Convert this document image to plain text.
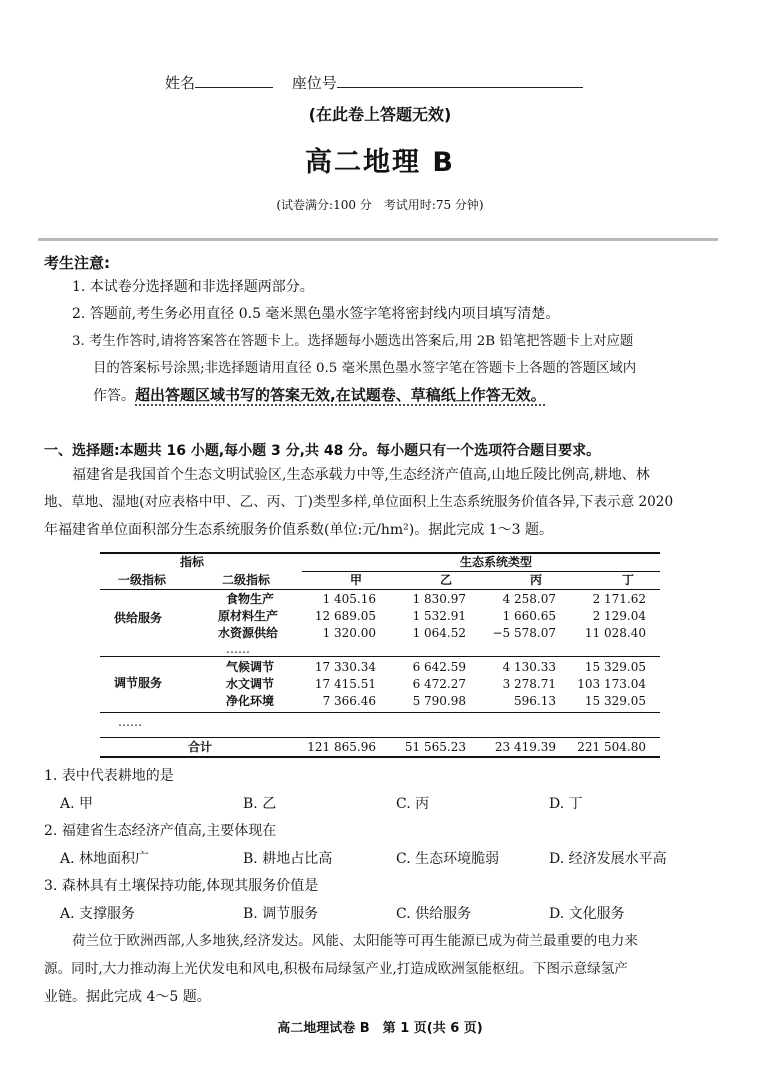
姓名	座位号
(在此卷上答题无效)
高二地理 B
(试卷满分:100 分　考试用时:75 分钟)
考生注意:
1. 本试卷分选择题和非选择题两部分。
2. 答题前,考生务必用直径 0.5 毫米黑色墨水签字笔将密封线内项目填写清楚。
3. 考生作答时,请将答案答在答题卡上。选择题每小题选出答案后,用 2B 铅笔把答题卡上对应题
目的答案标号涂黑;非选择题请用直径 0.5 毫米黑色墨水签字笔在答题卡上各题的答题区域内
作答。超出答题区域书写的答案无效,在试题卷、草稿纸上作答无效。
一、选择题:本题共 16 小题,每小题 3 分,共 48 分。每小题只有一个选项符合题目要求。
福建省是我国首个生态文明试验区,生态承载力中等,生态经济产值高,山地丘陵比例高,耕地、林
地、草地、湿地(对应表格中甲、乙、丙、丁)类型多样,单位面积上生态系统服务价值各异,下表示意 2020
年福建省单位面积部分生态系统服务价值系数(单位:元/hm²)。据此完成 1～3 题。
指标	生态系统类型
一级指标	二级指标	甲	乙	丙	丁
供给服务
食物生产	1 405.16	1 830.97	4 258.07	2 171.62
原材料生产	12 689.05	1 532.91	1 660.65	2 129.04
水资源供给	1 320.00	1 064.52	−5 578.07	11 028.40
……
调节服务
气候调节	17 330.34	6 642.59	4 130.33	15 329.05
水文调节	17 415.51	6 472.27	3 278.71	103 173.04
净化环境	7 366.46	5 790.98	596.13	15 329.05
……
合计	121 865.96	51 565.23	23 419.39	221 504.80
1. 表中代表耕地的是
A. 甲	B. 乙	C. 丙	D. 丁
2. 福建省生态经济产值高,主要体现在
A. 林地面积广	B. 耕地占比高	C. 生态环境脆弱	D. 经济发展水平高
3. 森林具有土壤保持功能,体现其服务价值是
A. 支撑服务	B. 调节服务	C. 供给服务	D. 文化服务
荷兰位于欧洲西部,人多地狭,经济发达。风能、太阳能等可再生能源已成为荷兰最重要的电力来
源。同时,大力推动海上光伏发电和风电,积极布局绿氢产业,打造成欧洲氢能枢纽。下图示意绿氢产
业链。据此完成 4～5 题。
高二地理试卷 B　第 1 页(共 6 页)
